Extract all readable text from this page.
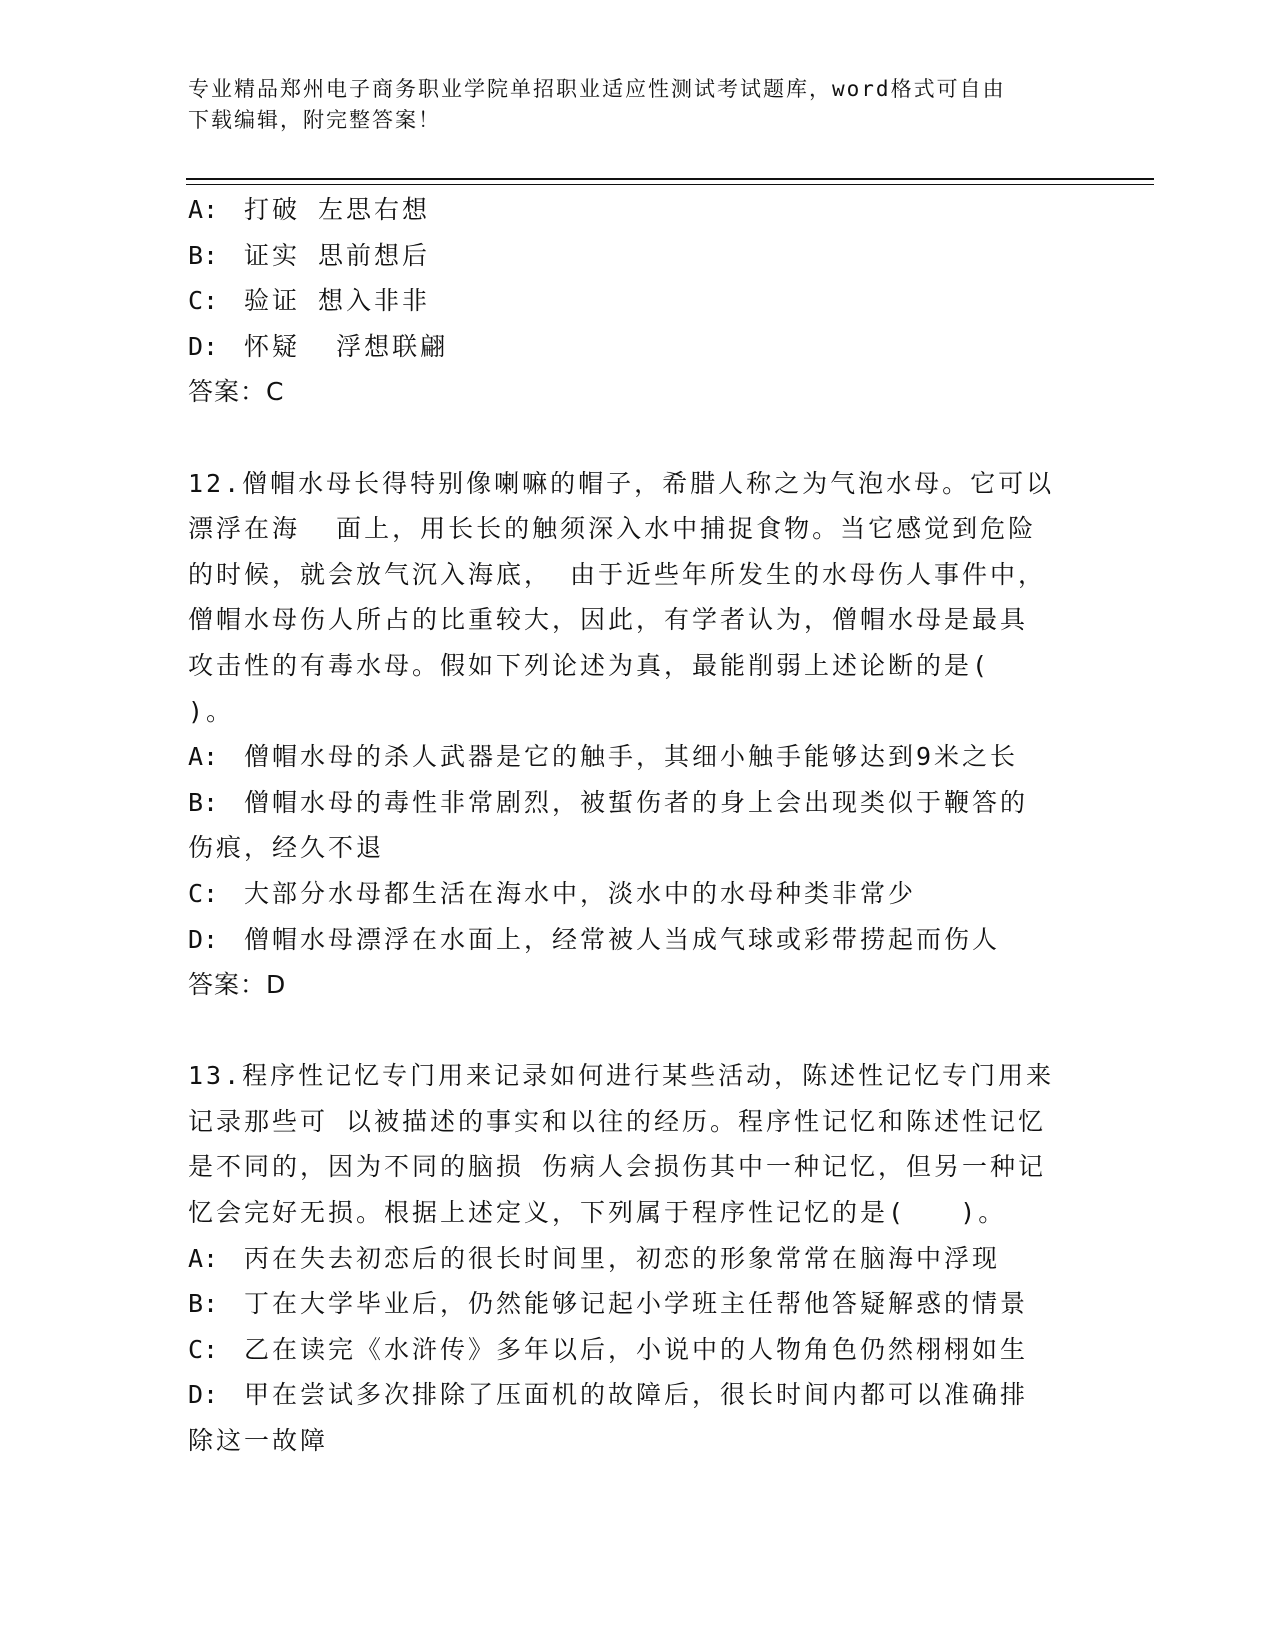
专业精品郑州电子商务职业学院单招职业适应性测试考试题库，word格式可自由
下载编辑，附完整答案！
A: 打破 左思右想
B: 证实 思前想后
C: 验证 想入非非
D: 怀疑  浮想联翩
答案：C
12.僧帽水母长得特别像喇嘛的帽子，希腊人称之为气泡水母。它可以
漂浮在海  面上，用长长的触须深入水中捕捉食物。当它感觉到危险
的时候，就会放气沉入海底， 由于近些年所发生的水母伤人事件中，
僧帽水母伤人所占的比重较大，因此，有学者认为，僧帽水母是最具
攻击性的有毒水母。假如下列论述为真，最能削弱上述论断的是(
)。
A: 僧帽水母的杀人武器是它的触手，其细小触手能够达到9米之长
B: 僧帽水母的毒性非常剧烈，被蜇伤者的身上会出现类似于鞭答的
伤痕，经久不退
C: 大部分水母都生活在海水中，淡水中的水母种类非常少
D: 僧帽水母漂浮在水面上，经常被人当成气球或彩带捞起而伤人
答案：D
13.程序性记忆专门用来记录如何进行某些活动，陈述性记忆专门用来
记录那些可 以被描述的事实和以往的经历。程序性记忆和陈述性记忆
是不同的，因为不同的脑损 伤病人会损伤其中一种记忆，但另一种记
忆会完好无损。根据上述定义，下列属于程序性记忆的是(   )。
A: 丙在失去初恋后的很长时间里，初恋的形象常常在脑海中浮现
B: 丁在大学毕业后，仍然能够记起小学班主任帮他答疑解惑的情景
C: 乙在读完《水浒传》多年以后，小说中的人物角色仍然栩栩如生
D: 甲在尝试多次排除了压面机的故障后，很长时间内都可以准确排
除这一故障
